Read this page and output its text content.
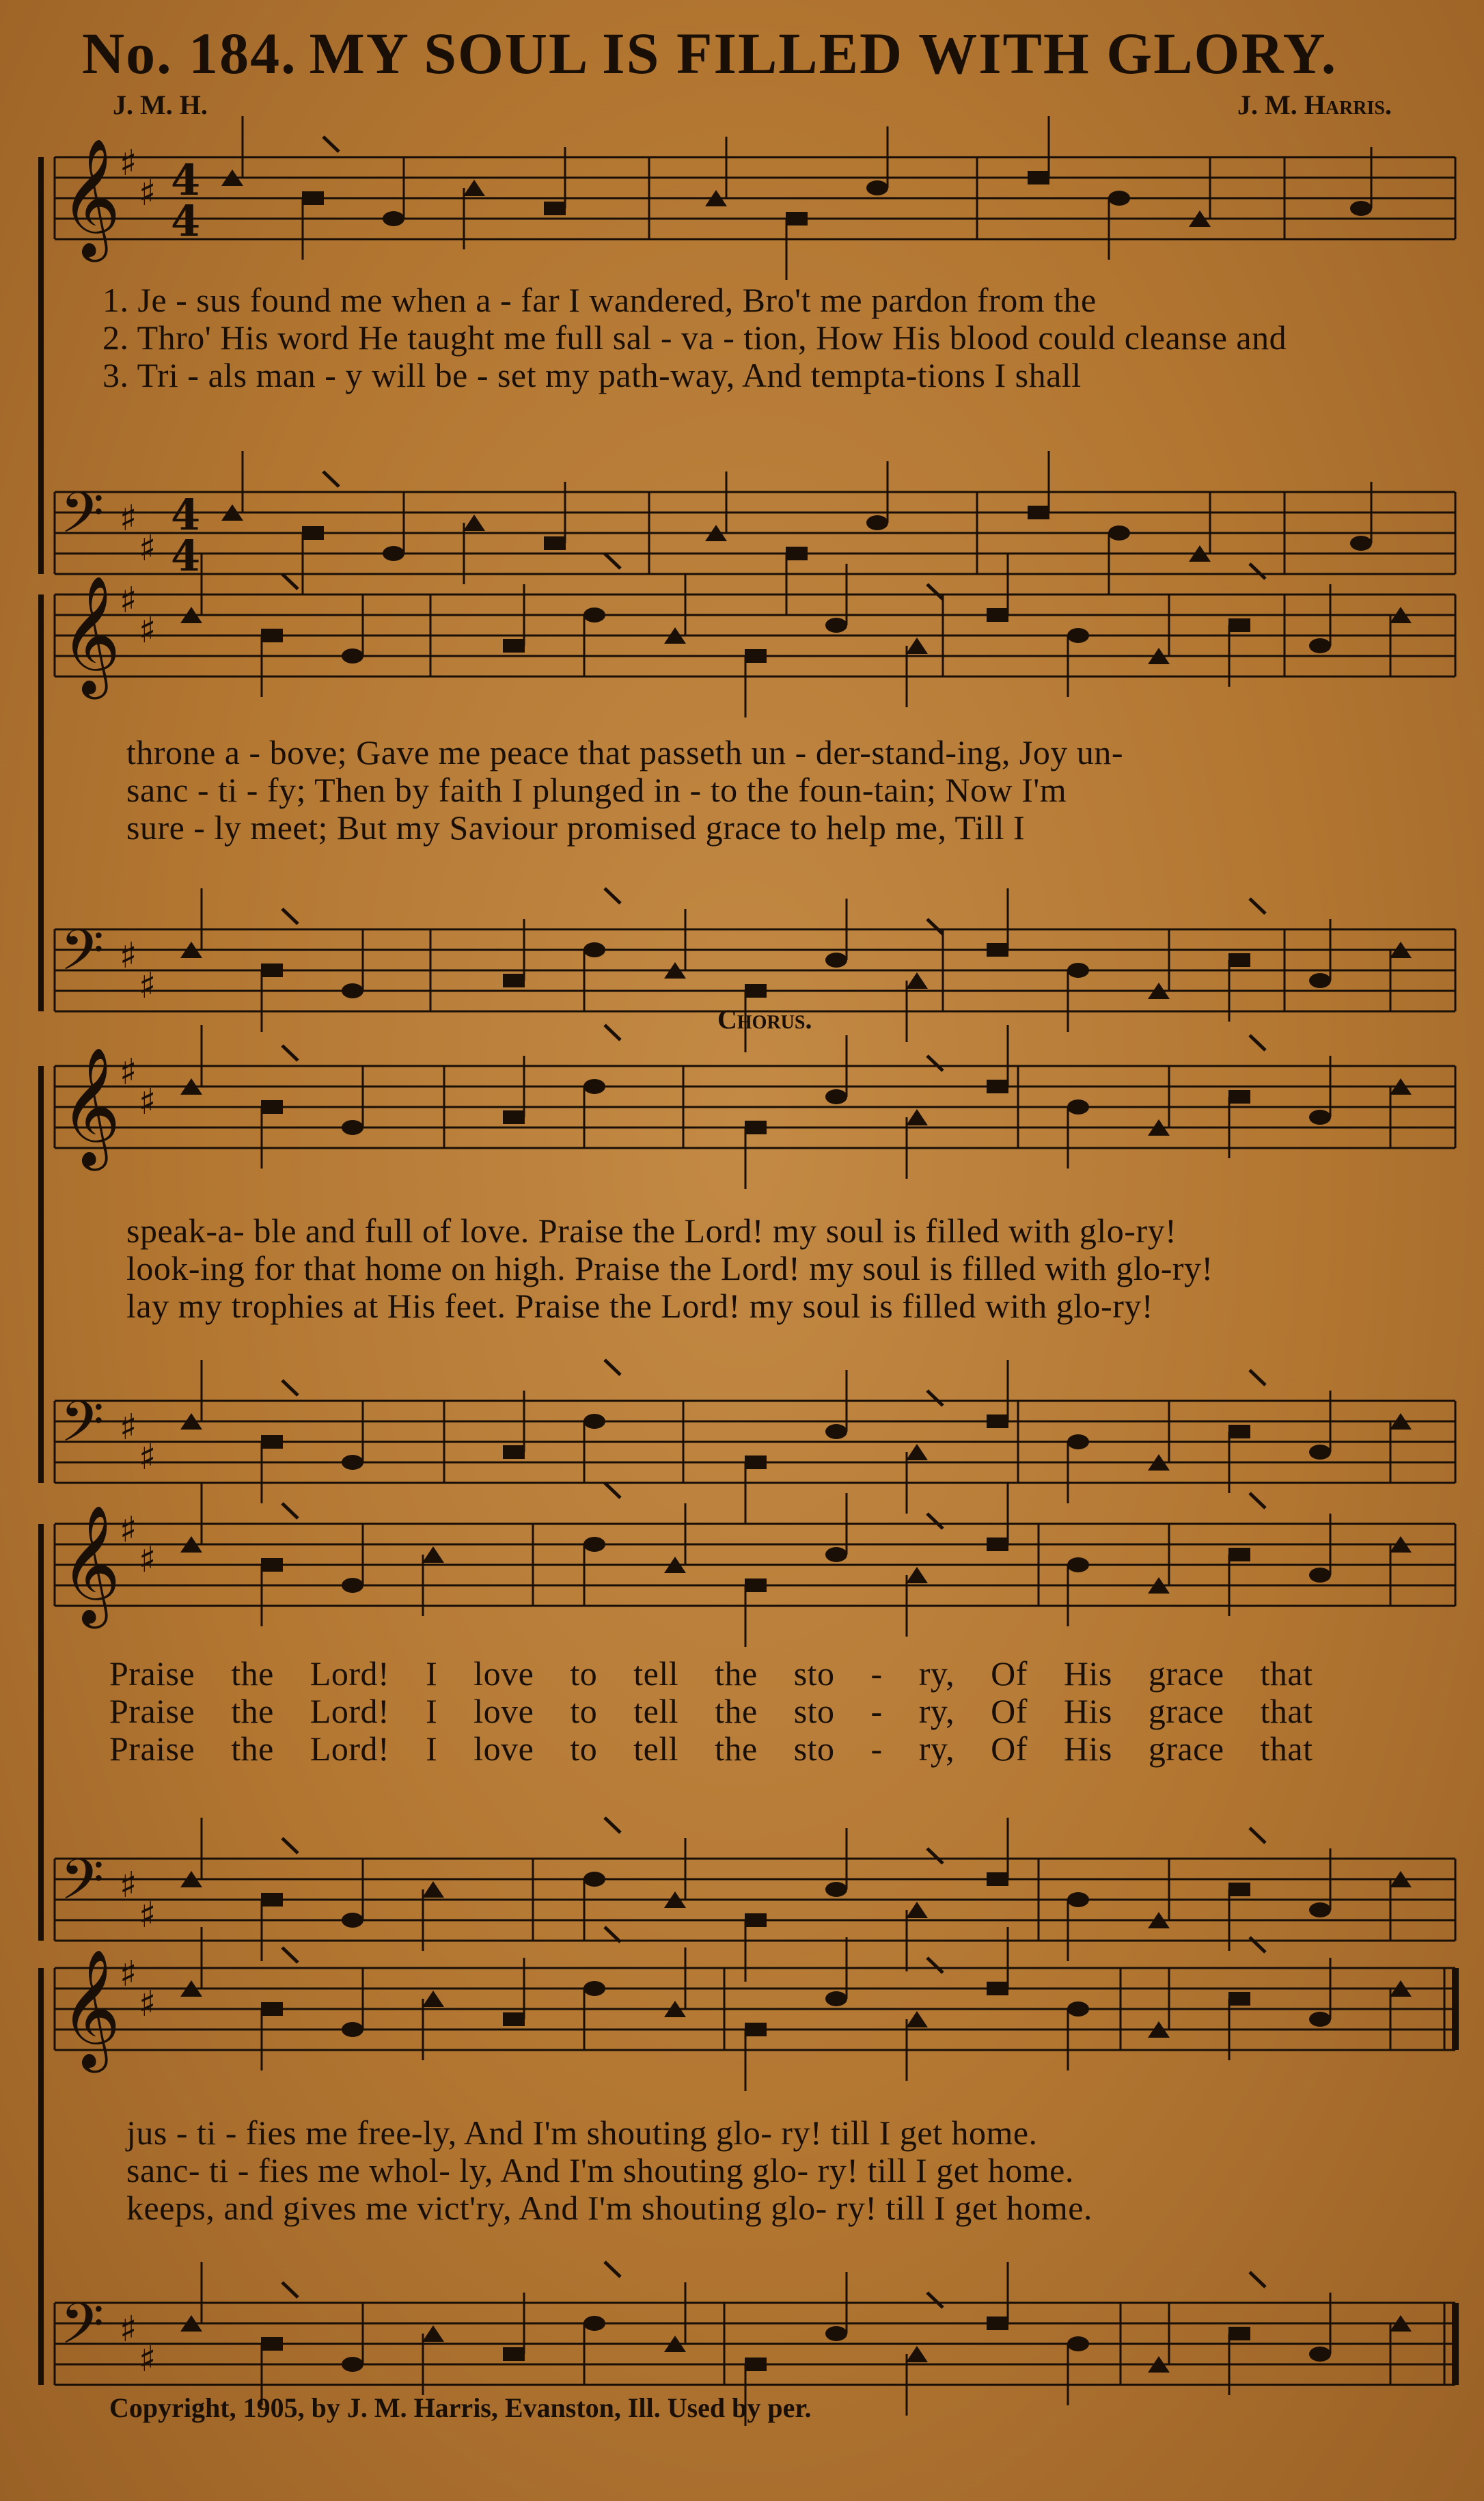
No. 184. MY SOUL IS FILLED WITH GLORY.
J. M. H.	J. M. Harris.
𝄞
♯
♯ 4
4
𝄢 ♯
♯
4
4
1. Je - sus found me when a - far I wandered, Bro't me pardon from the
2. Thro' His word He taught me full sal - va - tion, How His blood could cleanse and
3. Tri - als man - y will be - set my path-way, And tempta-tions I shall
𝄞
♯
♯
𝄢 ♯
♯
throne a - bove; Gave me peace that passeth un - der-stand-ing, Joy un-
sanc - ti - fy; Then by faith I plunged in - to the foun-tain; Now I'm
sure - ly meet; But my Saviour promised grace to help me, Till I
Chorus.
𝄞
♯
♯
𝄢 ♯
♯
speak-a- ble and full of love. Praise the Lord! my soul is filled with glo-ry!
look-ing for that home on high. Praise the Lord! my soul is filled with glo-ry!
lay my trophies at His feet. Praise the Lord! my soul is filled with glo-ry!
𝄞
♯
♯
𝄢 ♯
♯
Praise the Lord! I love to tell the sto - ry, Of His grace that
Praise the Lord! I love to tell the sto - ry, Of His grace that
Praise the Lord! I love to tell the sto - ry, Of His grace that
𝄞
♯
♯
𝄢 ♯
♯
jus - ti - fies me free-ly, And I'm shouting glo- ry! till I get home.
sanc- ti - fies me whol- ly, And I'm shouting glo- ry! till I get home.
keeps, and gives me vict'ry, And I'm shouting glo- ry! till I get home.
Copyright, 1905, by J. M. Harris, Evanston, Ill. Used by per.
